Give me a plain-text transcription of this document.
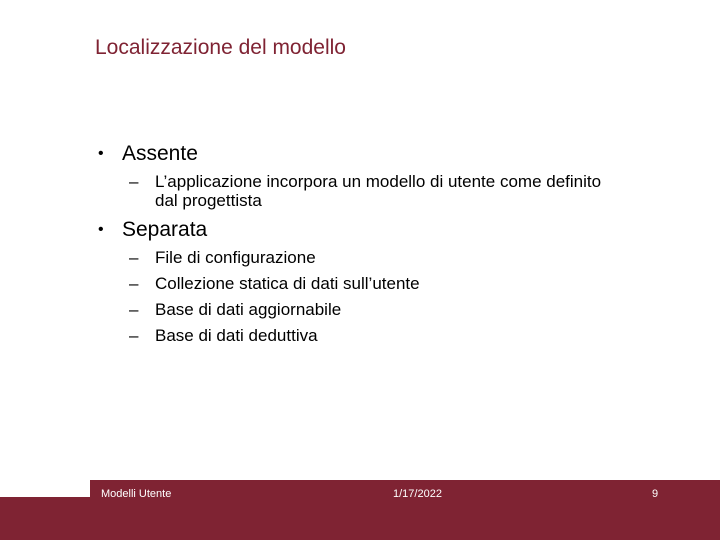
Localizzazione del modello
• Assente
– L’applicazione incorpora un modello di utente come definito dal progettista
• Separata
– File di configurazione
– Collezione statica di dati sull’utente
– Base di dati aggiornabile
– Base di dati deduttiva
Modelli Utente	1/17/2022	9
